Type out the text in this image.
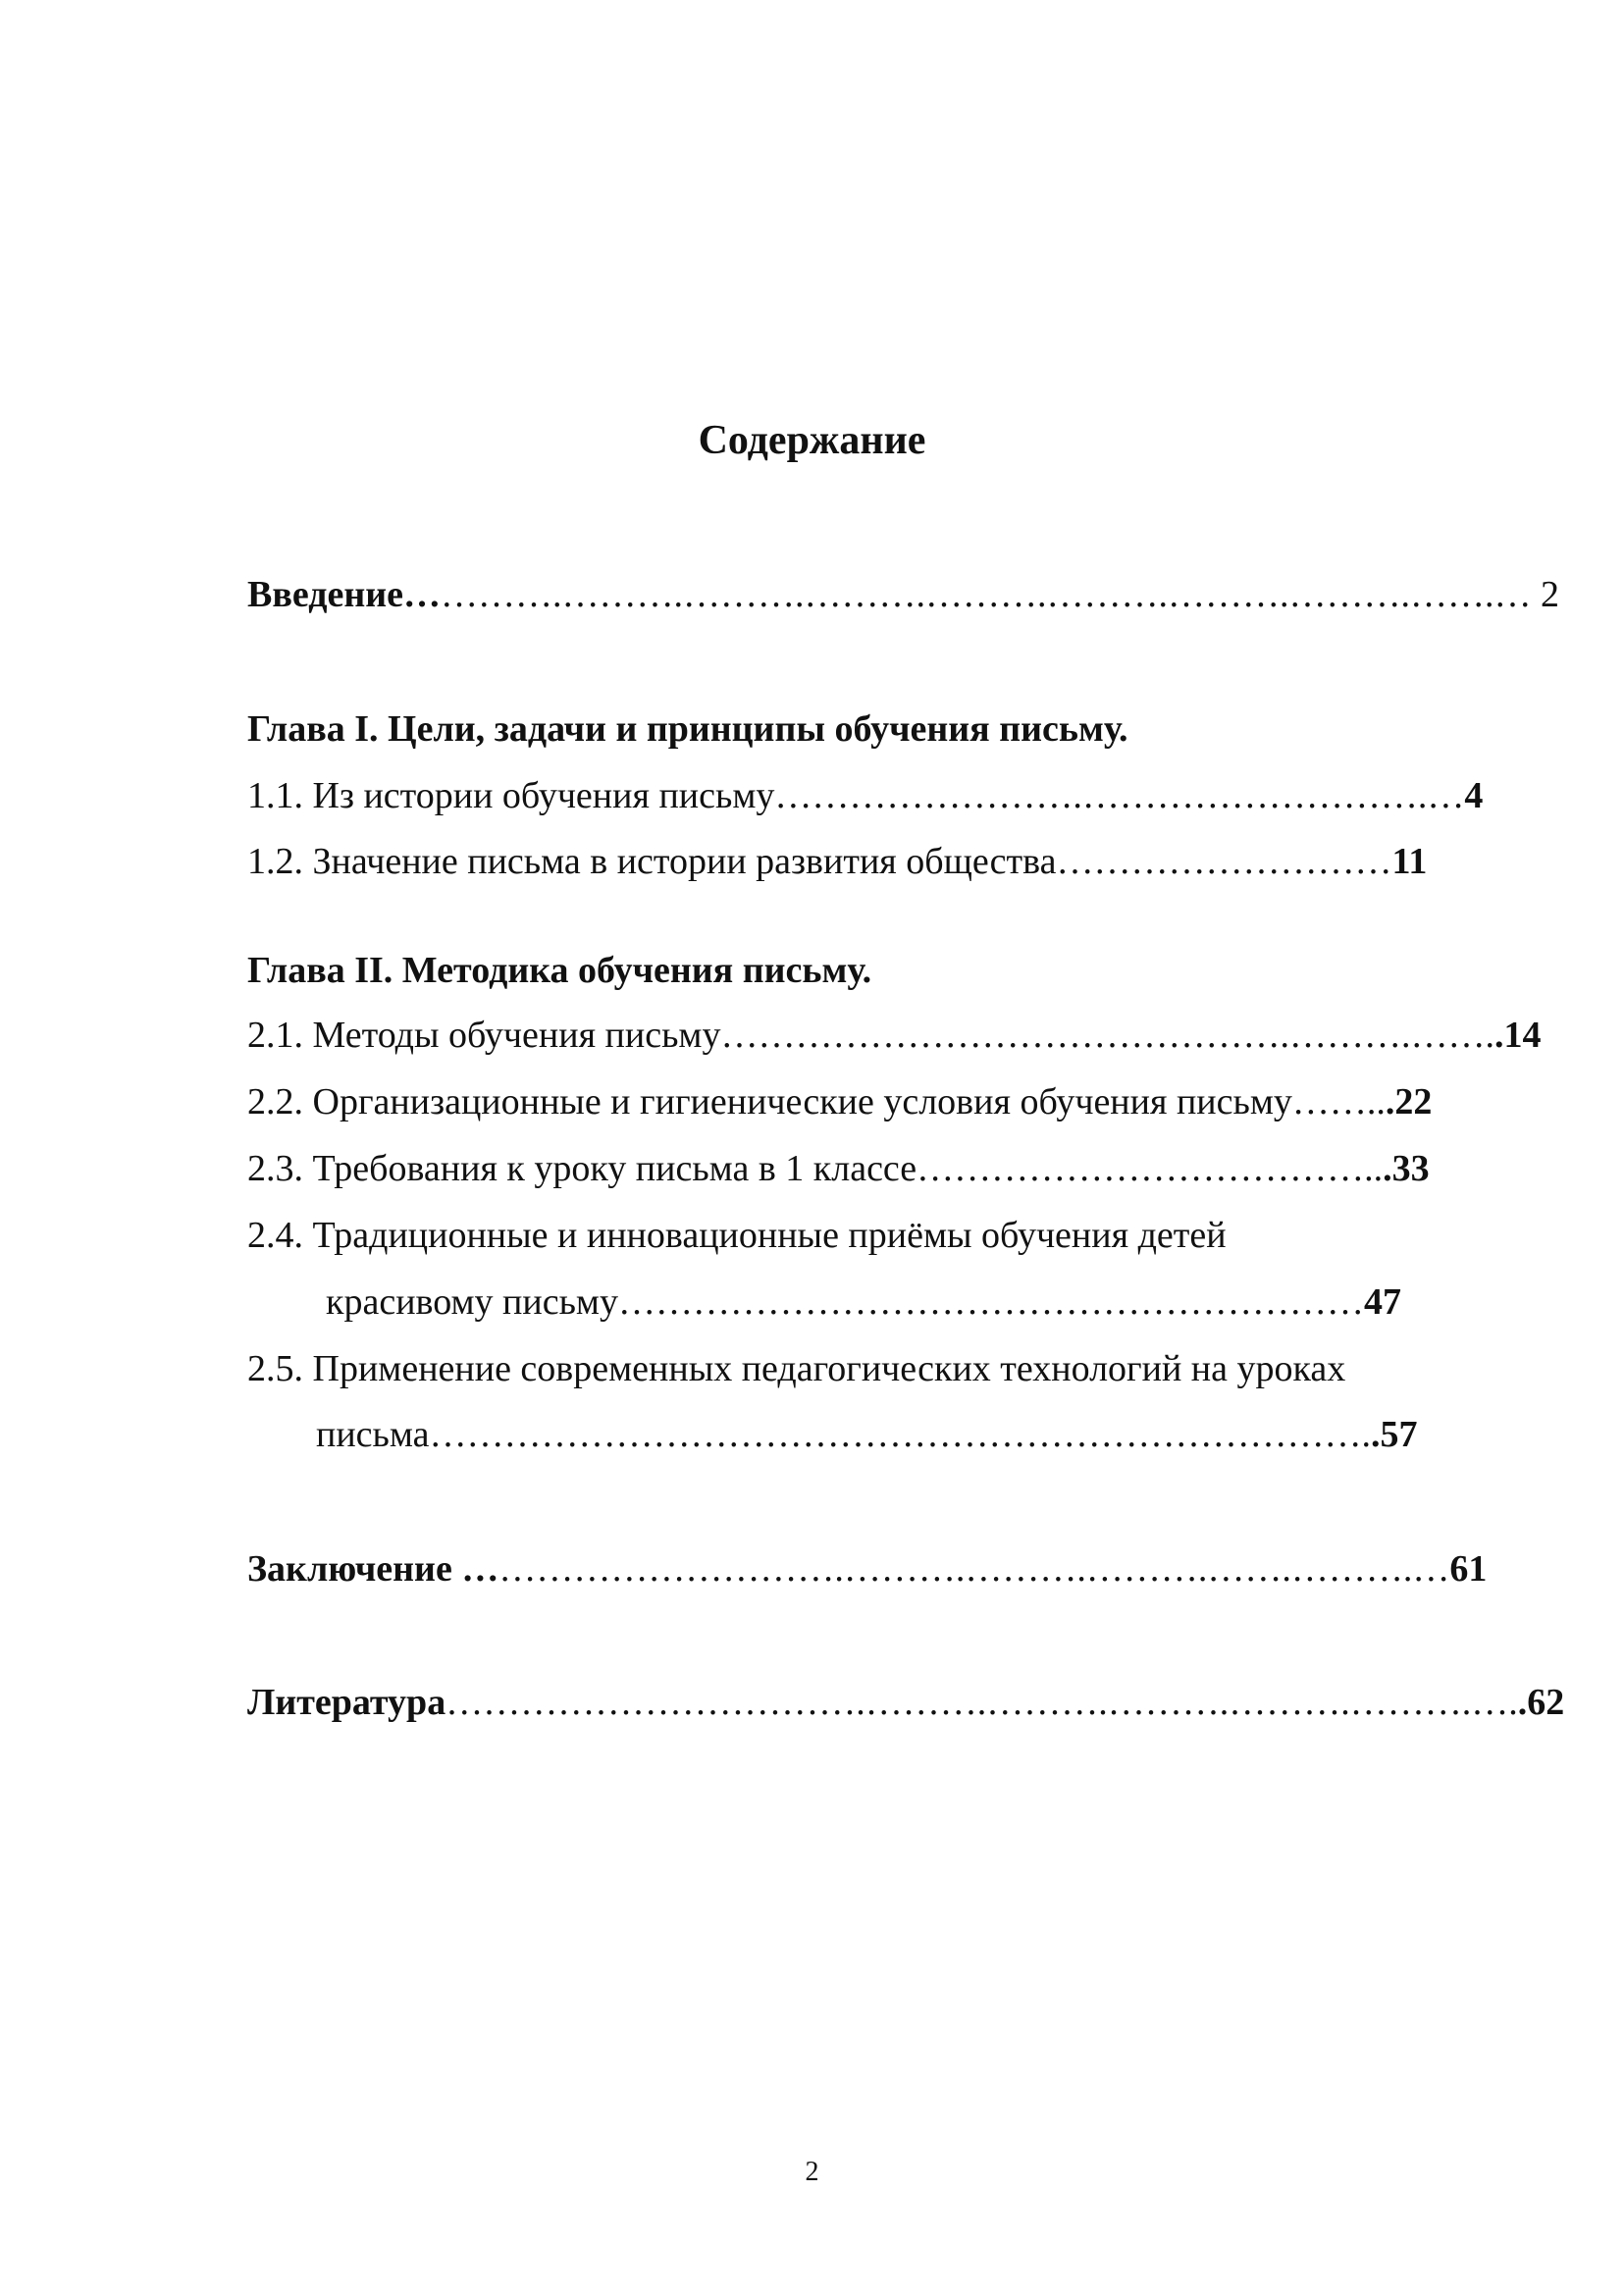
Содержание
Введение………….……….……….……….……….……….……….……….…….… 2
Глава I. Цели, задачи и принципы обучения письму.
1.1. Из истории обучения письму…………………….……………………….…4
1.2. Значение письма в истории развития общества………………………11
Глава II. Методика обучения письму.
2.1. Методы обучения письму……………………………………….……….……..14
2.2. Организационные и гигиенические условия обучения письму……...22
2.3. Требования к уроку письма в 1 классе………………………………...33
2.4. Традиционные и инновационные приёмы обучения детей
красивому письму……………………………………………………47
2.5. Применение современных педагогических технологий на уроках
письма…………………………………………………………………..57
Заключение ………………………….……….……….……….…….……….…61
Литература…………………………….……….……….……….……….……….…..62
2
